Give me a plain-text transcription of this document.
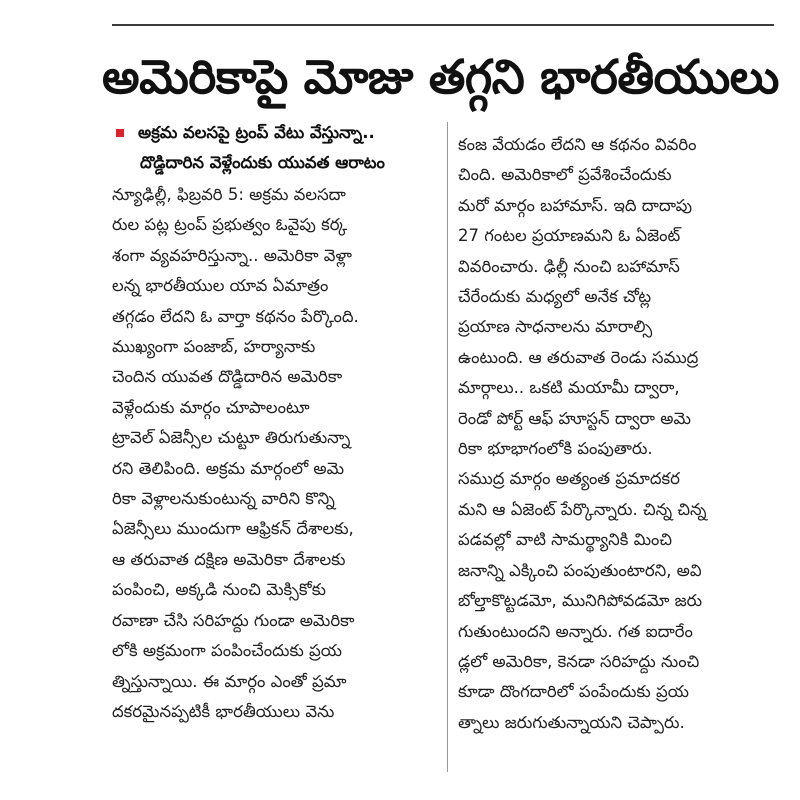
అమెరికాపై మోజు తగ్గని భారతీయులు
అక్రమ వలసపై ట్రంప్ వేటు వేస్తున్నా..
దొడ్డిదారిన వెళ్లేందుకు యువత ఆరాటం
న్యూఢిల్లీ, ఫిబ్రవరి 5: అక్రమ వలసదా
రుల పట్ల ట్రంప్ ప్రభుత్వం ఓవైపు కర్క
శంగా వ్యవహరిస్తున్నా.. అమెరికా వెళ్లా
లన్న భారతీయుల యావ ఏమాత్రం
తగ్గడం లేదని ఓ వార్తా కథనం పేర్కొంది.
ముఖ్యంగా పంజాబ్, హర్యానాకు
చెందిన యువత దొడ్డిదారిన అమెరికా
వెళ్లేందుకు మార్గం చూపాలంటూ
ట్రావెల్ ఏజెన్సీల చుట్టూ తిరుగుతున్నా
రని తెలిపింది. అక్రమ మార్గంలో అమె
రికా వెళ్లాలనుకుంటున్న వారిని కొన్ని
ఏజెన్సీలు ముందుగా ఆఫ్రికన్ దేశాలకు,
ఆ తరువాత దక్షిణ అమెరికా దేశాలకు
పంపించి, అక్కడి నుంచి మెక్సికోకు
రవాణా చేసి సరిహద్దు గుండా అమెరికా
లోకి అక్రమంగా పంపించేందుకు ప్రయ
త్నిస్తున్నాయి. ఈ మార్గం ఎంతో ప్రమా
దకరమైనప్పటికీ భారతీయులు వెను
కంజ వేయడం లేదని ఆ కథనం వివరిం
చింది. అమెరికాలో ప్రవేశించేందుకు
మరో మార్గం బహామాస్. ఇది దాదాపు
27 గంటల ప్రయాణమని ఓ ఏజెంట్
వివరించారు. ఢిల్లీ నుంచి బహామాస్
చేరేందుకు మధ్యలో అనేక చోట్ల
ప్రయాణ సాధనాలను మారాల్సి
ఉంటుంది. ఆ తరువాత రెండు సముద్ర
మార్గాలు.. ఒకటి మయామీ ద్వారా,
రెండో పోర్ట్ ఆఫ్ హూస్టన్ ద్వారా అమె
రికా భూభాగంలోకి పంపుతారు.
సముద్ర మార్గం అత్యంత ప్రమాదకర
మని ఆ ఏజెంట్ పేర్కొన్నారు. చిన్న చిన్న
పడవల్లో వాటి సామర్థ్యానికి మించి
జనాన్ని ఎక్కించి పంపుతుంటారని, అవి
బోల్తాకొట్టడమో, మునిగిపోవడమో జరు
గుతుంటుందని అన్నారు. గత ఐదారేం
డ్లలో అమెరికా, కెనడా సరిహద్దు నుంచి
కూడా దొంగదారిలో పంపేందుకు ప్రయ
త్నాలు జరుగుతున్నాయని చెప్పారు.
